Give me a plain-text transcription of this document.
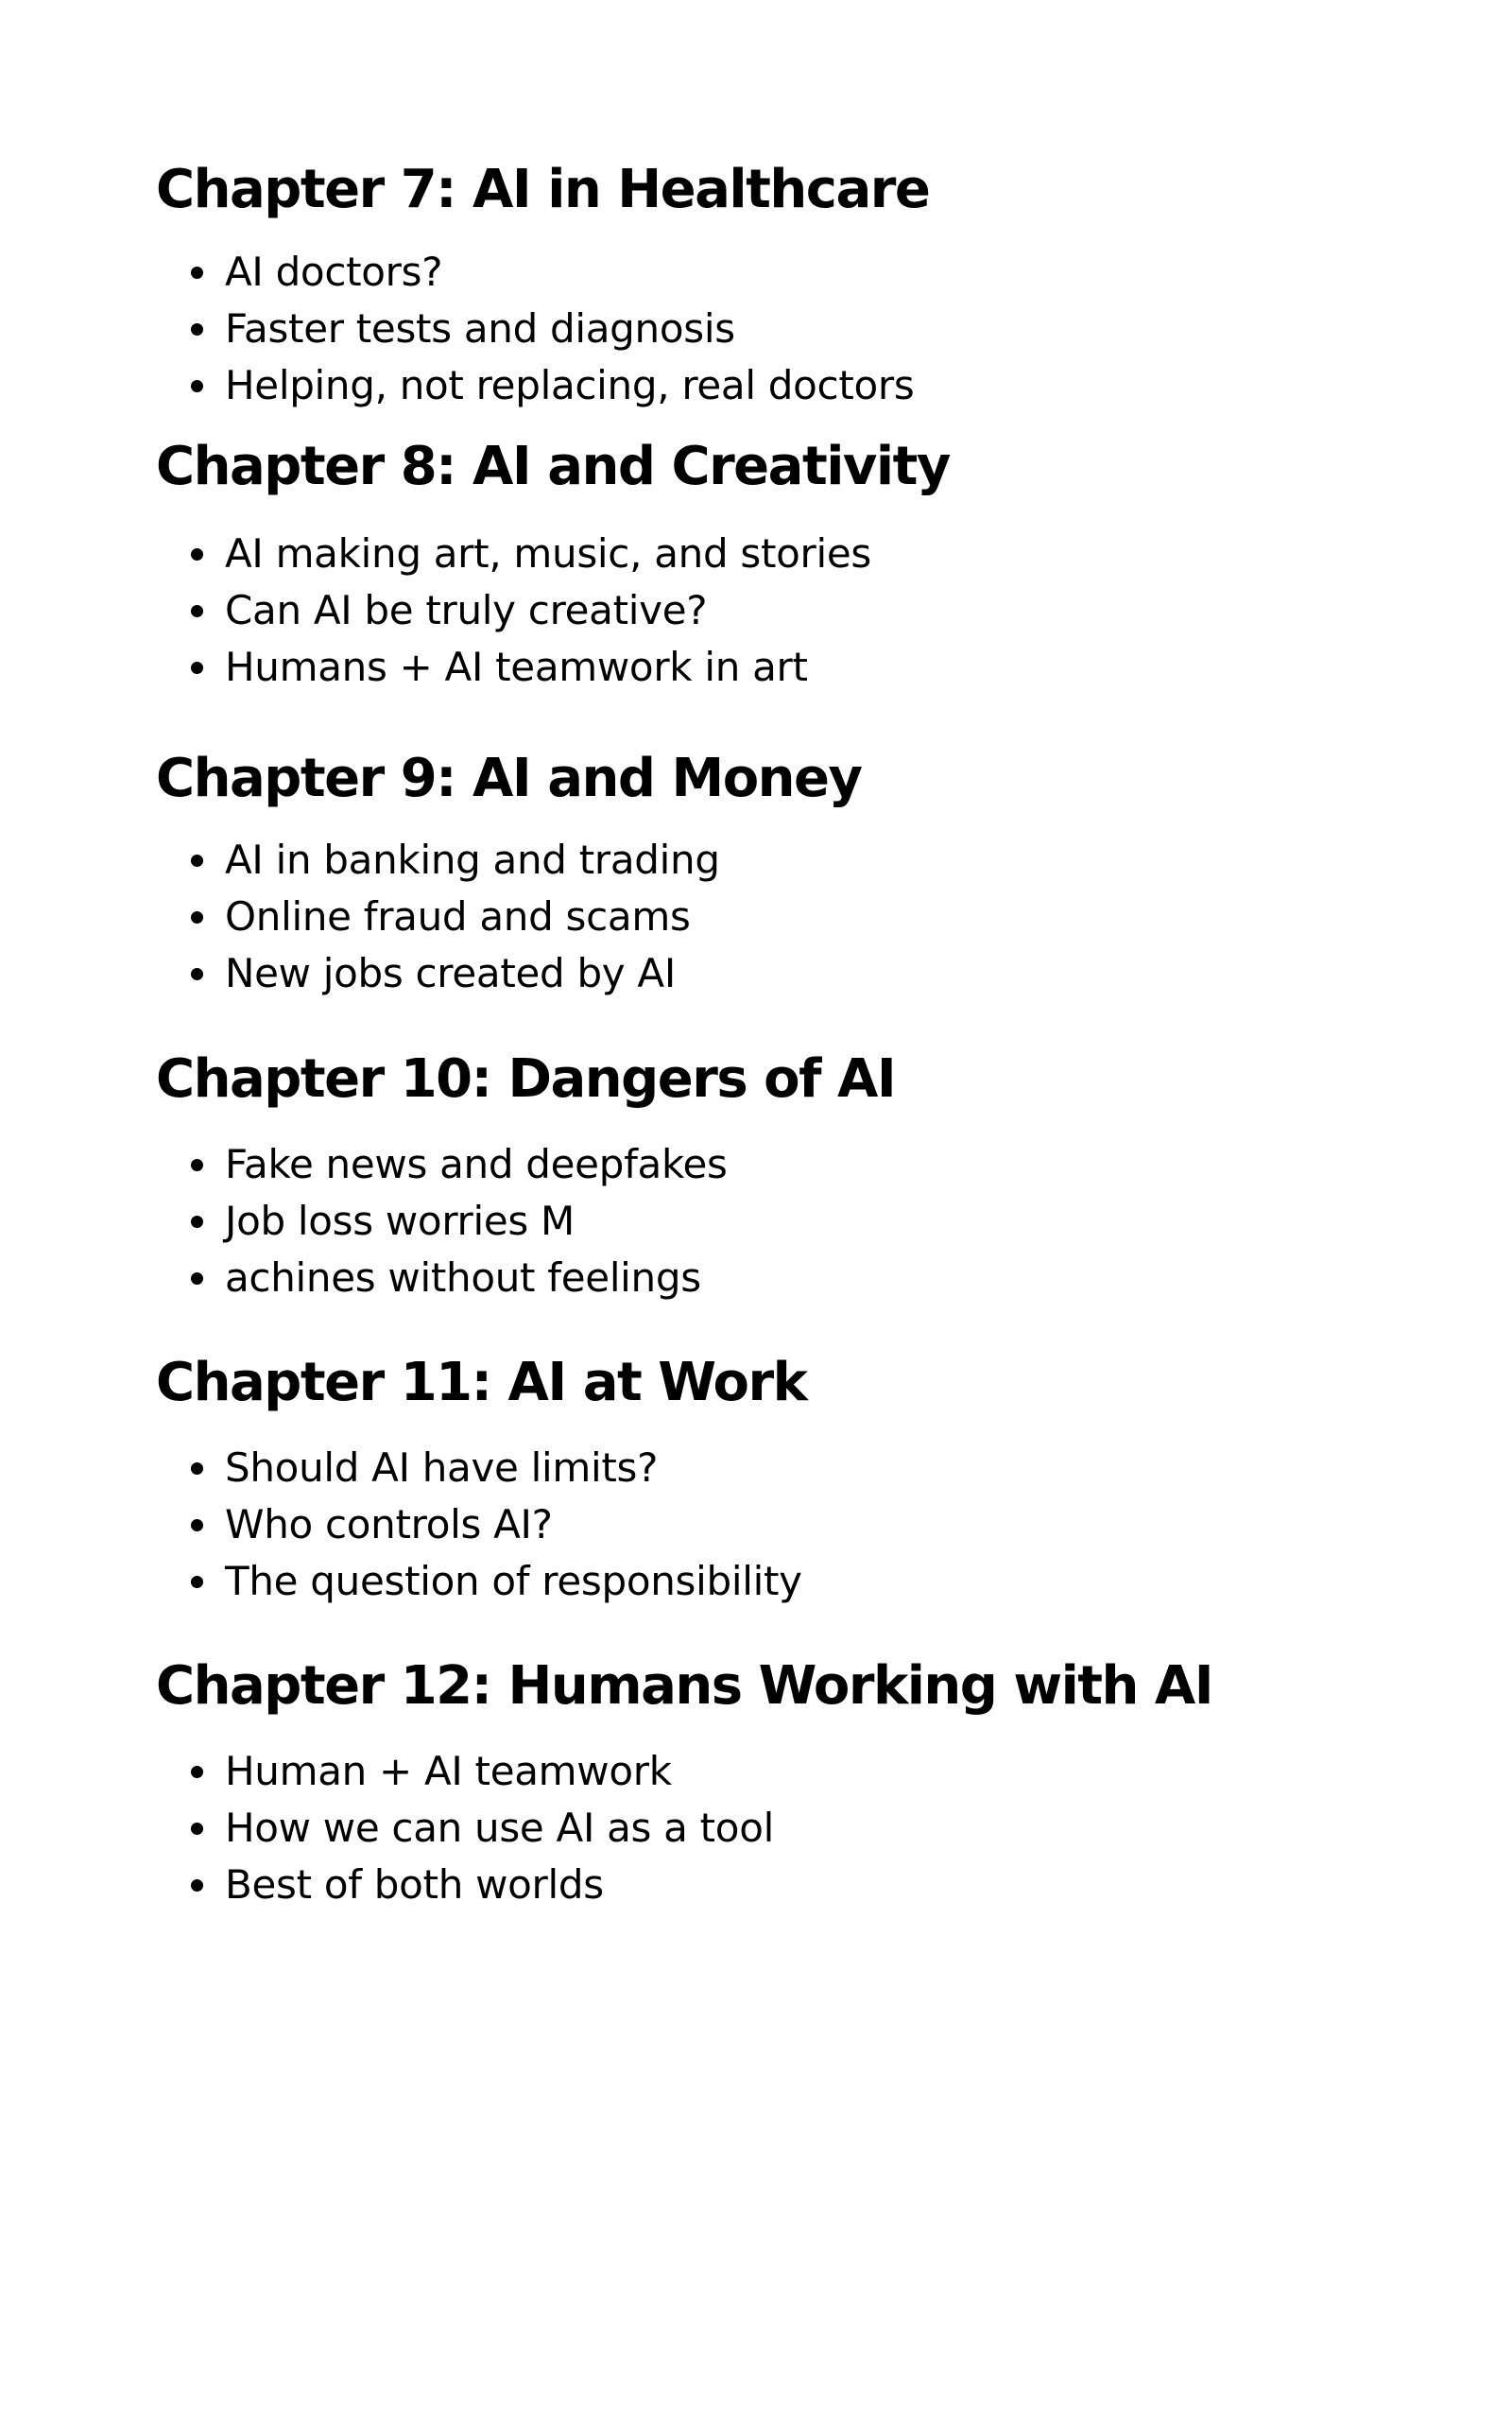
Chapter 7: AI in Healthcare
AI doctors?
Faster tests and diagnosis
Helping, not replacing, real doctors
Chapter 8: AI and Creativity
AI making art, music, and stories
Can AI be truly creative?
Humans + AI teamwork in art
Chapter 9: AI and Money
AI in banking and trading
Online fraud and scams
New jobs created by AI
Chapter 10: Dangers of AI
Fake news and deepfakes
Job loss worries M
achines without feelings
Chapter 11: AI at Work
Should AI have limits?
Who controls AI?
The question of responsibility
Chapter 12: Humans Working with AI
Human + AI teamwork
How we can use AI as a tool
Best of both worlds
